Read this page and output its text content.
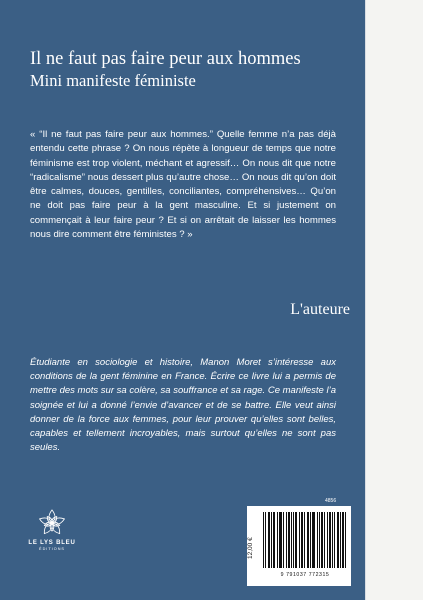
Il ne faut pas faire peur aux hommes
Mini manifeste féministe

« “Il ne faut pas faire peur aux hommes.” Quelle femme n’a pas déjà entendu cette phrase ? On nous répète à longueur de temps que notre féminisme est trop violent, méchant et agressif… On nous dit que notre “radicalisme” nous dessert plus qu’autre chose… On nous dit qu’on doit être calmes, douces, gentilles, conciliantes, compréhensives… Qu’on ne doit pas faire peur à la gent masculine. Et si justement on commençait à leur faire peur ? Et si on arrêtait de laisser les hommes nous dire comment être féministes ? »

L'auteure

Étudiante en sociologie et histoire, Manon Moret s’intéresse aux conditions de la gent féminine en France. Écrire ce livre lui a permis de mettre des mots sur sa colère, sa souffrance et sa rage. Ce manifeste l’a soignée et lui a donné l’envie d’avancer et de se battre. Elle veut ainsi donner de la force aux femmes, pour leur prouver qu’elles sont belles, capables et tellement incroyables, mais surtout qu’elles ne sont pas seules.

LE LYS BLEU
ÉDITIONS
4856
12,00 €
9 791037 772315
